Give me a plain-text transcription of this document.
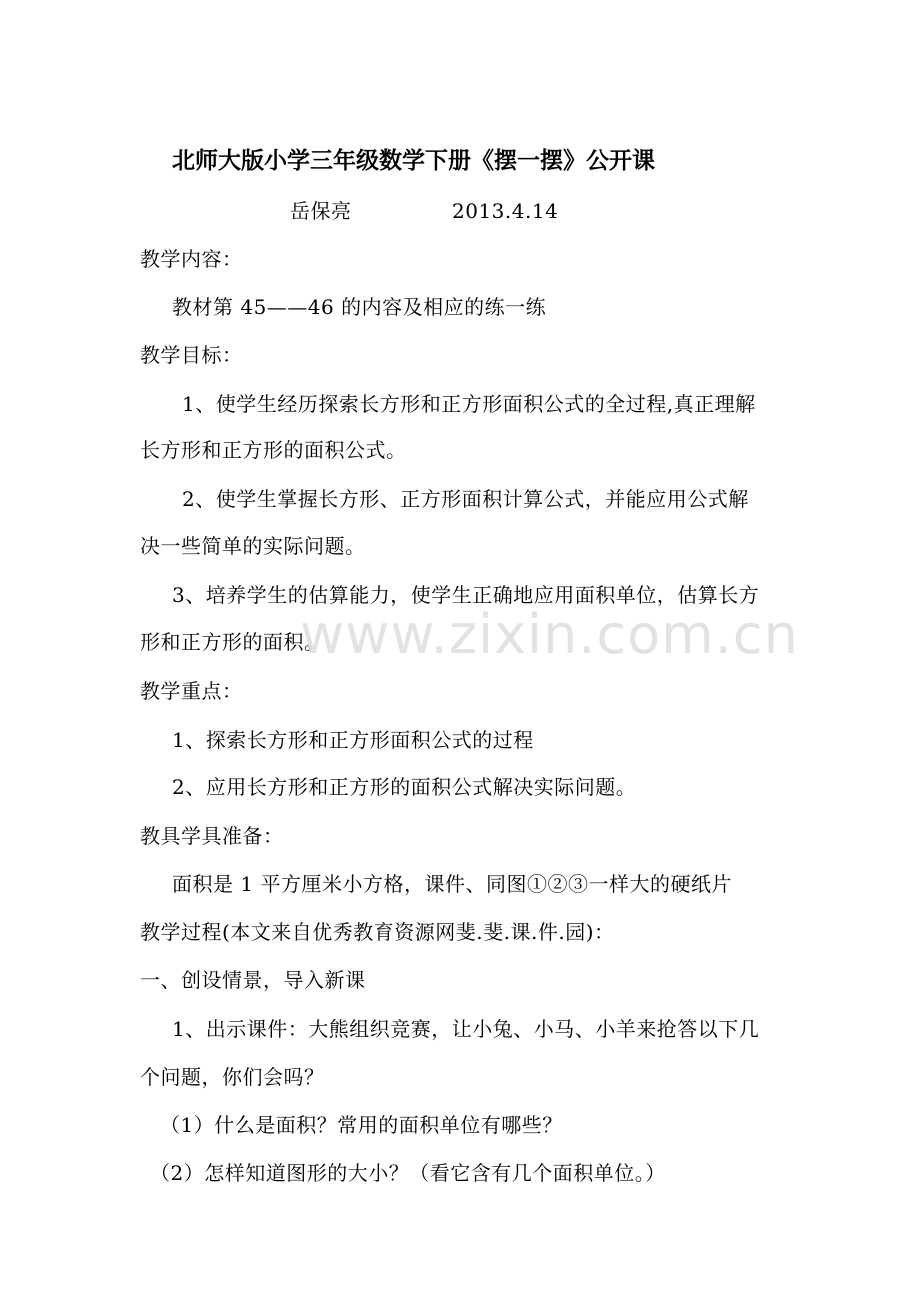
北师大版小学三年级数学下册《摆一摆》公开课
岳保亮	2013.4.14
教学内容：
教材第 45——46 的内容及相应的练一练
教学目标：
1、使学生经历探索长方形和正方形面积公式的全过程,真正理解
长方形和正方形的面积公式。
2、使学生掌握长方形、正方形面积计算公式，并能应用公式解
决一些简单的实际问题。
3、培养学生的估算能力，使学生正确地应用面积单位，估算长方
形和正方形的面积。
教学重点：
1、探索长方形和正方形面积公式的过程
2、应用长方形和正方形的面积公式解决实际问题。
教具学具准备：
面积是 1 平方厘米小方格，课件、同图①②③一样大的硬纸片
教学过程(本文来自优秀教育资源网斐.斐.课.件.园)：
一、创设情景，导入新课
1、出示课件：大熊组织竞赛，让小兔、小马、小羊来抢答以下几
个问题，你们会吗？
（1）什么是面积？常用的面积单位有哪些？
（2）怎样知道图形的大小？（看它含有几个面积单位。）
www.zixin.com.cn
